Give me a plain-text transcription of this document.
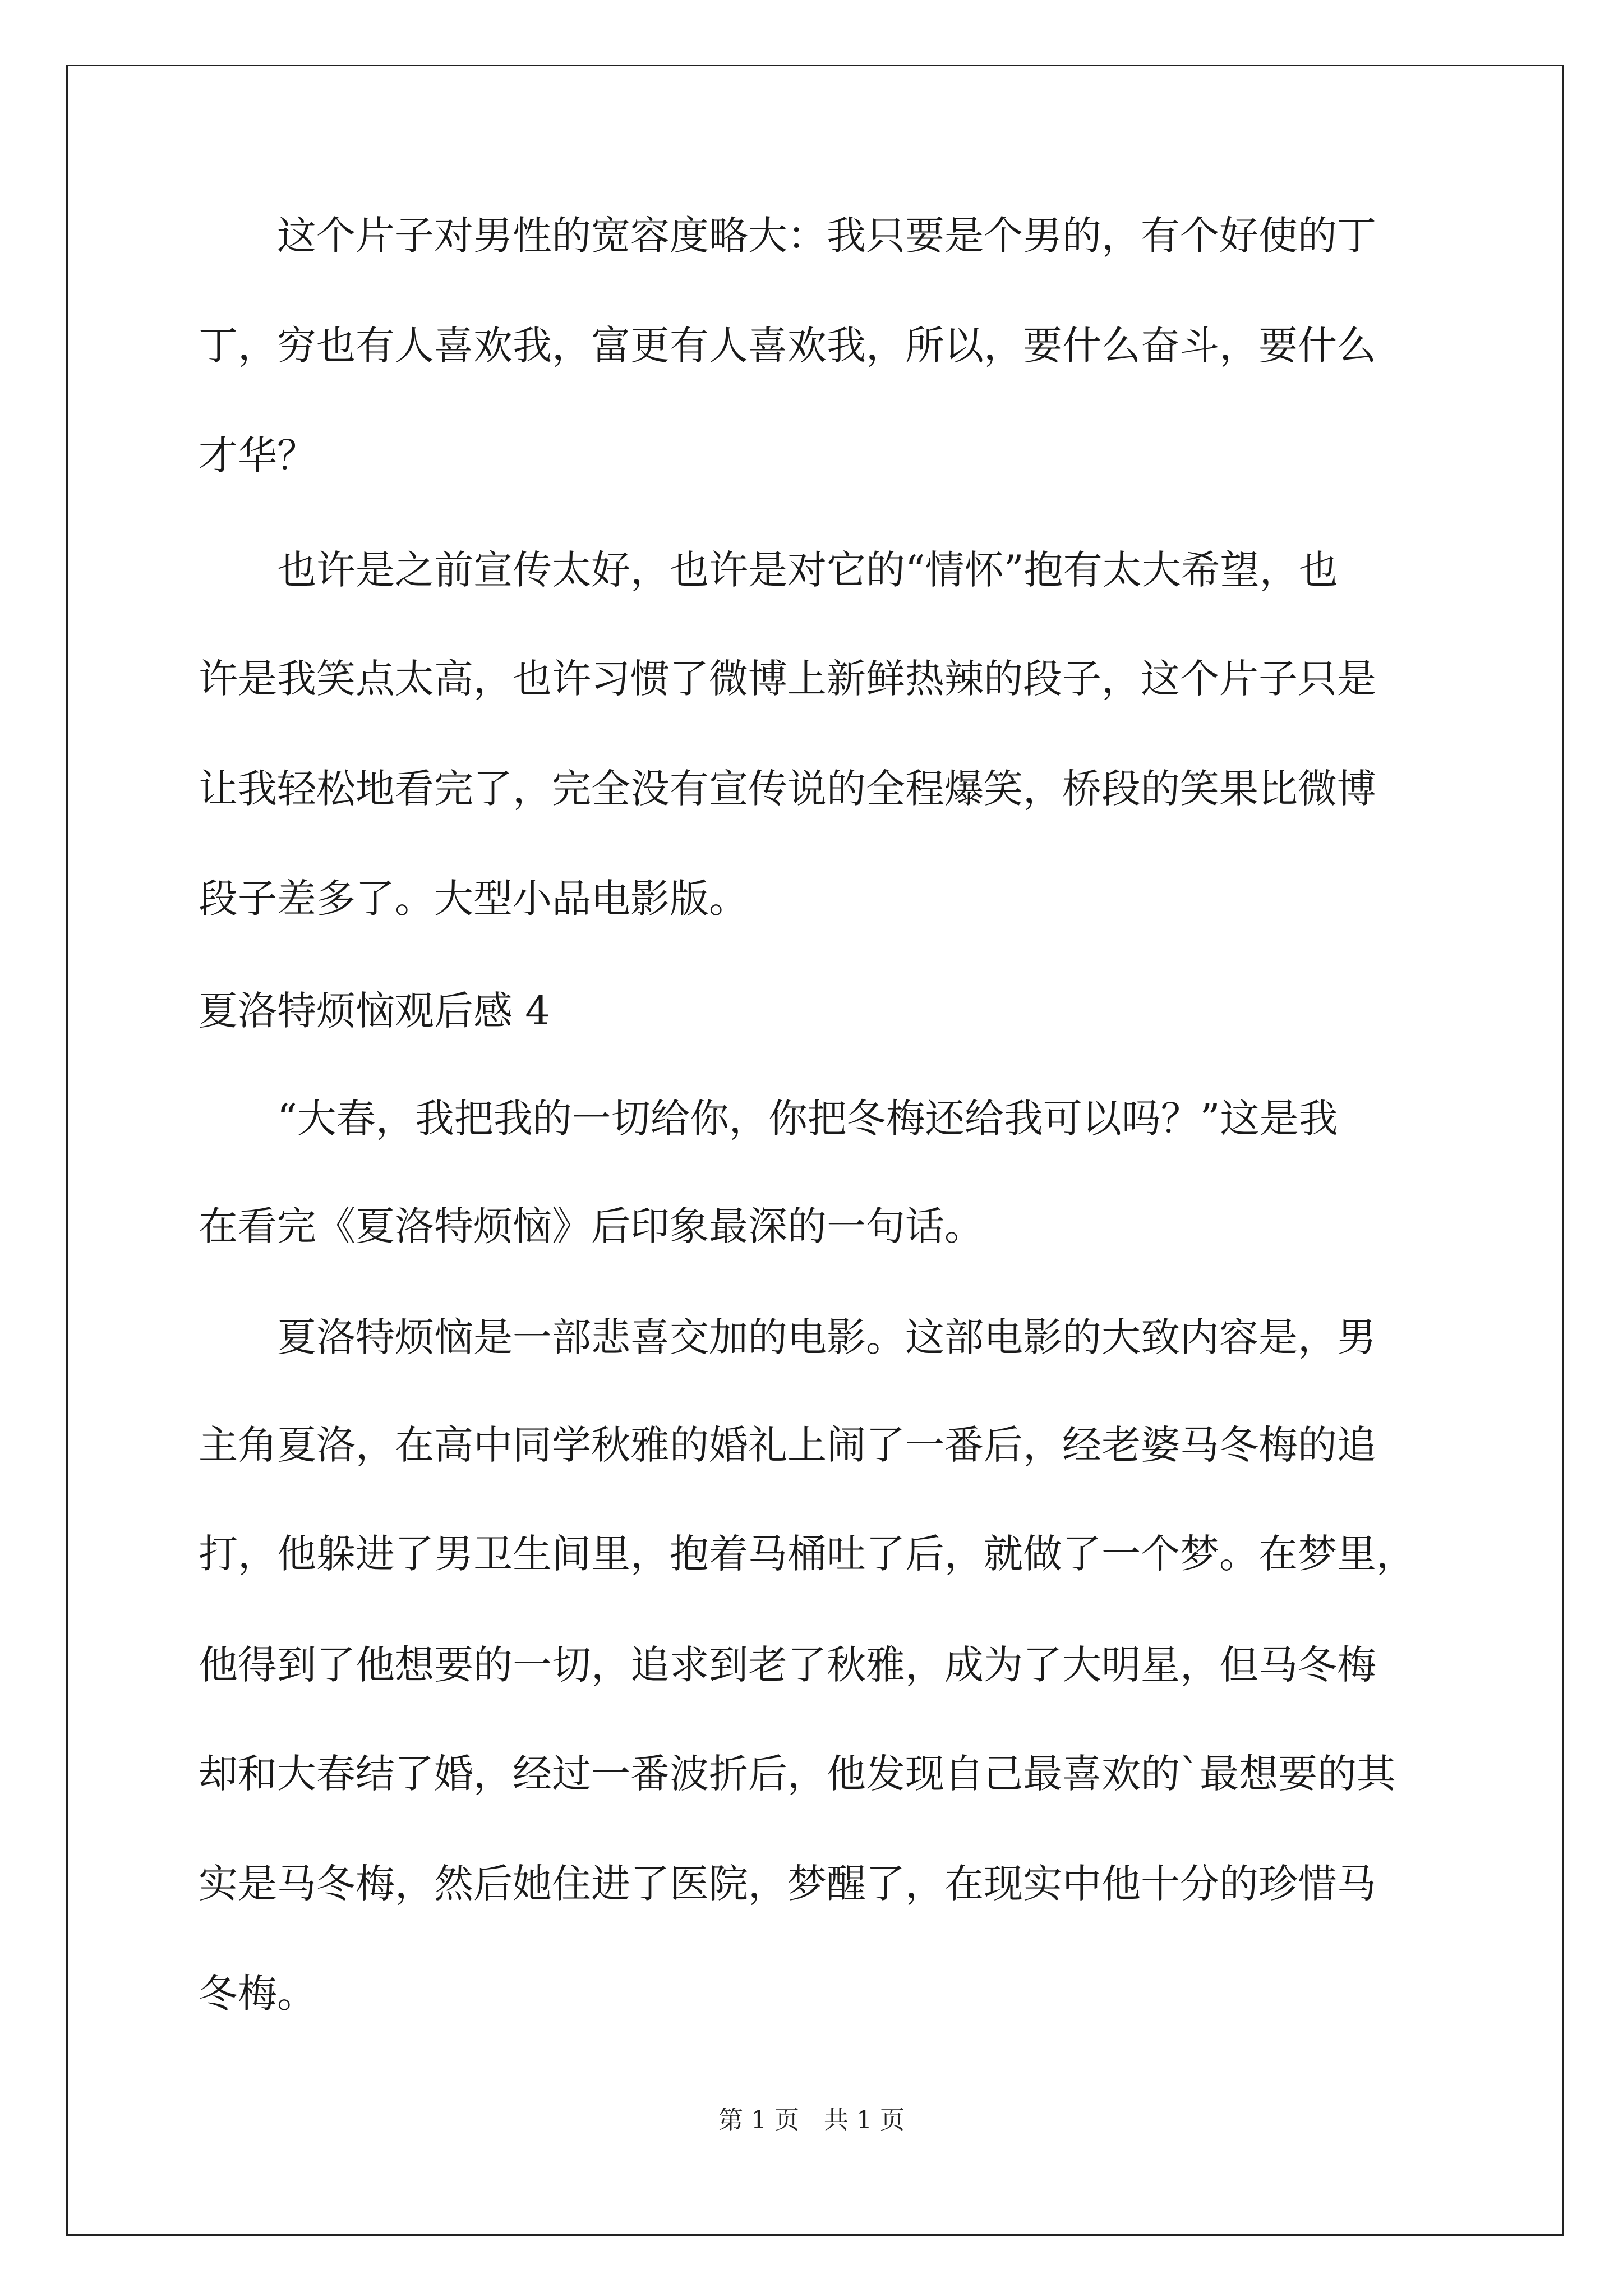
　　这个片子对男性的宽容度略大：我只要是个男的，有个好使的丁
丁，穷也有人喜欢我，富更有人喜欢我，所以，要什么奋斗，要什么
才华？
　　也许是之前宣传太好，也许是对它的“情怀”抱有太大希望，也
许是我笑点太高，也许习惯了微博上新鲜热辣的段子，这个片子只是
让我轻松地看完了，完全没有宣传说的全程爆笑，桥段的笑果比微博
段子差多了。大型小品电影版。
夏洛特烦恼观后感 4
　　“大春，我把我的一切给你，你把冬梅还给我可以吗？”这是我
在看完《夏洛特烦恼》后印象最深的一句话。
　　夏洛特烦恼是一部悲喜交加的电影。这部电影的大致内容是，男
主角夏洛，在高中同学秋雅的婚礼上闹了一番后，经老婆马冬梅的追
打，他躲进了男卫生间里，抱着马桶吐了后，就做了一个梦。在梦里，
他得到了他想要的一切，追求到老了秋雅，成为了大明星，但马冬梅
却和大春结了婚，经过一番波折后，他发现自己最喜欢的`最想要的其
实是马冬梅，然后她住进了医院，梦醒了，在现实中他十分的珍惜马
冬梅。
第 1 页　共 1 页
